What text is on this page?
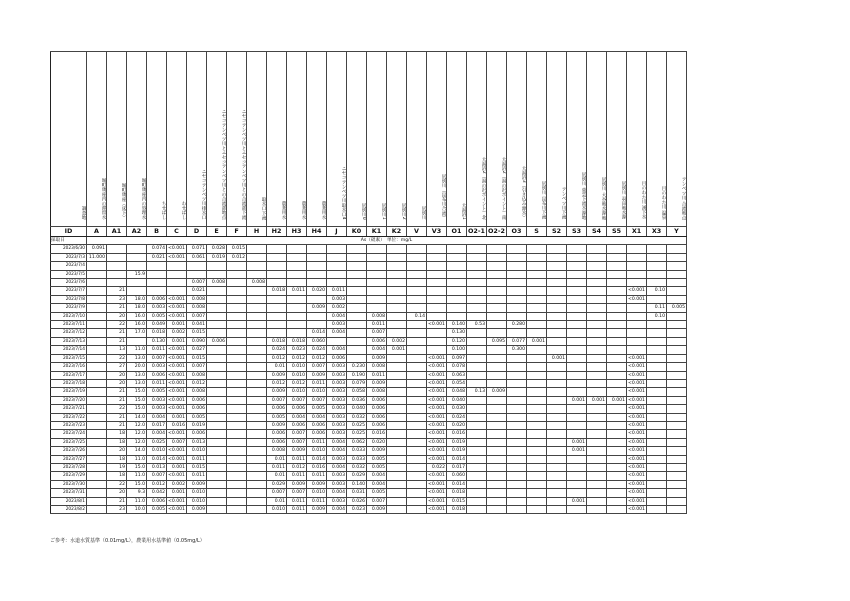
調査地	堀町幾座内の滞留水	堀町幾座（床下）	堀町幾座内の処理水	ちせばし	わせばし	ニセコアンベツ川排水口	ニセコアンベツ川とニセコアンベツ川との合流部地点	ニセコアンベツ川とニセコアンベツ川との合流部下流	取水口下流	農業用水	農業用水	農業用水	ニセコアンベツ川取水口4	尻別川0	尻別川1	尻別川2	尻別川	尻別川（昆布川合流）	大湯沼1	大湯沼2（湯の沢ポイント）北	大湯沼2（湯の沢ポイント）南	大湯沼3（引き込み源水）	尻別川 昆布川下流	アンベツ川下流	尻別川 東雲下流水源地	尻別川 大谷地水源地	尻別川 羽田地水源	目のわた川 湧下水	目のわた川 温泉	アンベツ川 合流地点
ID	A	A1	A2	B	C	D	E	F	H	H2	H3	H4	J	K0	K1	K2	V	V3	O1	O2-1	O2-2	O3	S	S2	S3	S4	S5	X1	X3	Y
採取日	As（砒素）　単位：mg/L																													
2023/6/30	0.091			0.074	<0.001	0.071	0.028	0.015																						
2023/7/3	11.000			0.021	<0.001	0.061	0.019	0.012																						
2023/7/4																														
2023/7/5			15.9																											
2023/7/6						0.007	0.008		0.008																					
2023/7/7		21				0.021				0.018	0.011	0.020	0.011															<0.001	0.10	
2023/7/8		23	18.0	0.006	<0.001	0.008							0.003															<0.001		
2023/7/9		21	18.0	0.003	<0.001	0.008						0.009	0.002																0.11	0.005
2023/7/10		20	16.0	0.005	<0.001	0.007							0.004		0.008		0.14												0.10	
2023/7/11		22	16.0	0.049	0.001	0.041							0.003		0.011			<0.001	0.140	0.53		0.280								
2023/7/12		21	17.0	0.018	0.002	0.015						0.014	0.004		0.007				0.130											
2023/7/13		21		0.130	0.001	0.090	0.006			0.018	0.018	0.060			0.006	0.002			0.120		0.095	0.077	0.001							
2023/7/14		13	11.0	0.011	<0.001	0.027				0.024	0.023	0.024	0.004		0.004	0.001			0.100			0.300								
2023/7/15		22	13.0	0.007	<0.001	0.015				0.012	0.012	0.012	0.006		0.009			<0.001	0.097					0.001				<0.001		
2023/7/16		27	20.0	0.003	<0.001	0.007				0.01	0.010	0.007	0.003	0.230	0.008			<0.001	0.078									<0.001		
2023/7/17		20	13.0	0.006	<0.001	0.008				0.009	0.010	0.009	0.003	0.190	0.011			<0.001	0.063									<0.001		
2023/7/18		20	13.0	0.011	<0.001	0.012				0.012	0.012	0.011	0.003	0.079	0.009			<0.001	0.054									<0.001		
2023/7/19		21	15.0	0.005	<0.001	0.008				0.009	0.010	0.010	0.003	0.058	0.008			<0.001	0.048	0.13	0.009							<0.001		
2023/7/20		21	15.0	0.003	<0.001	0.006				0.007	0.007	0.007	0.003	0.036	0.006			<0.001	0.040						0.001	0.001	0.001	<0.001		
2023/7/21		22	15.0	0.003	<0.001	0.006				0.006	0.006	0.005	0.003	0.040	0.006			<0.001	0.030									<0.001		
2023/7/22		21	14.0	0.004	0.001	0.005				0.005	0.004	0.004	0.003	0.032	0.006			<0.001	0.024									<0.001		
2023/7/23		21	12.0	0.017	0.016	0.019				0.009	0.006	0.006	0.003	0.025	0.006			<0.001	0.020									<0.001		
2023/7/24		18	12.0	0.004	<0.001	0.006				0.006	0.007	0.006	0.003	0.025	0.016			<0.001	0.016									<0.001		
2023/7/25		18	12.0	0.025	0.007	0.013				0.006	0.007	0.011	0.004	0.062	0.020			<0.001	0.019						0.001			<0.001		
2023/7/26		20	14.0	0.010	<0.001	0.010				0.008	0.009	0.010	0.004	0.033	0.009			<0.001	0.019						0.001			<0.001		
2023/7/27		18	11.0	0.014	<0.001	0.011				0.01	0.011	0.014	0.003	0.033	0.005			<0.001	0.014									<0.001		
2023/7/28		19	15.0	0.013	0.001	0.015				0.011	0.012	0.016	0.004	0.032	0.005			0.022	0.017									<0.001		
2023/7/29		18	11.0	0.007	<0.001	0.011				0.01	0.011	0.011	0.003	0.029	0.004			<0.001	0.060									<0.001		
2023/7/30		22	15.0	0.012	0.002	0.009				0.029	0.009	0.009	0.003	0.140	0.004			<0.001	0.014									<0.001		
2023/7/31		20	9.3	0.042	0.001	0.010				0.007	0.007	0.010	0.004	0.031	0.005			<0.001	0.018									<0.001		
2023/8/1		21	11.0	0.006	<0.001	0.010				0.01	0.011	0.011	0.003	0.026	0.007			<0.001	0.015						0.001			<0.001		
2023/8/2		23	10.0	0.005	<0.001	0.009				0.010	0.011	0.009	0.004	0.023	0.009			<0.001	0.018									<0.001		
ご参考：水道水質基準（0.01mg/L），農業用水基準値（0.05mg/L）
